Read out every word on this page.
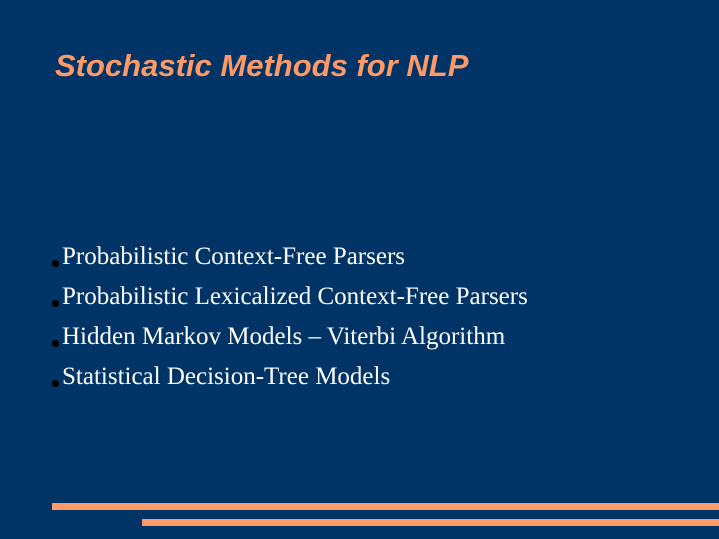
Stochastic Methods for NLP
Probabilistic Context-Free Parsers
Probabilistic Lexicalized Context-Free Parsers
Hidden Markov Models – Viterbi Algorithm
Statistical Decision-Tree Models
